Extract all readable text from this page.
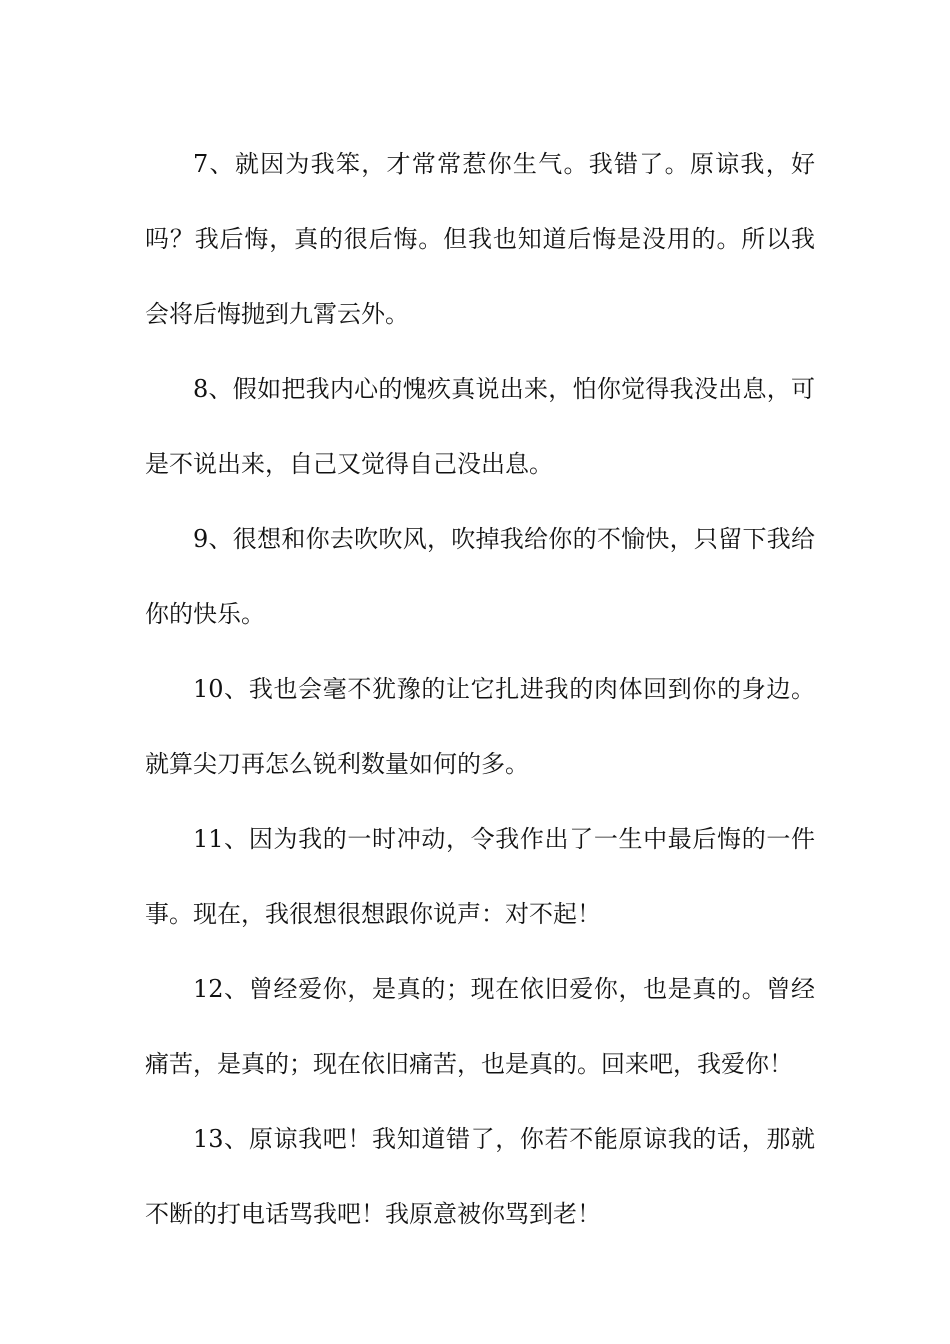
7、就因为我笨，才常常惹你生气。我错了。原谅我，好吗？我后悔，真的很后悔。但我也知道后悔是没用的。所以我会将后悔抛到九霄云外。

8、假如把我内心的愧疚真说出来，怕你觉得我没出息，可是不说出来，自己又觉得自己没出息。

9、很想和你去吹吹风，吹掉我给你的不愉快，只留下我给你的快乐。

10、我也会毫不犹豫的让它扎进我的肉体回到你的身边。就算尖刀再怎么锐利数量如何的多。

11、因为我的一时冲动，令我作出了一生中最后悔的一件事。现在，我很想很想跟你说声：对不起！

12、曾经爱你，是真的；现在依旧爱你，也是真的。曾经痛苦，是真的；现在依旧痛苦，也是真的。回来吧，我爱你！

13、原谅我吧！我知道错了，你若不能原谅我的话，那就不断的打电话骂我吧！我原意被你骂到老！
